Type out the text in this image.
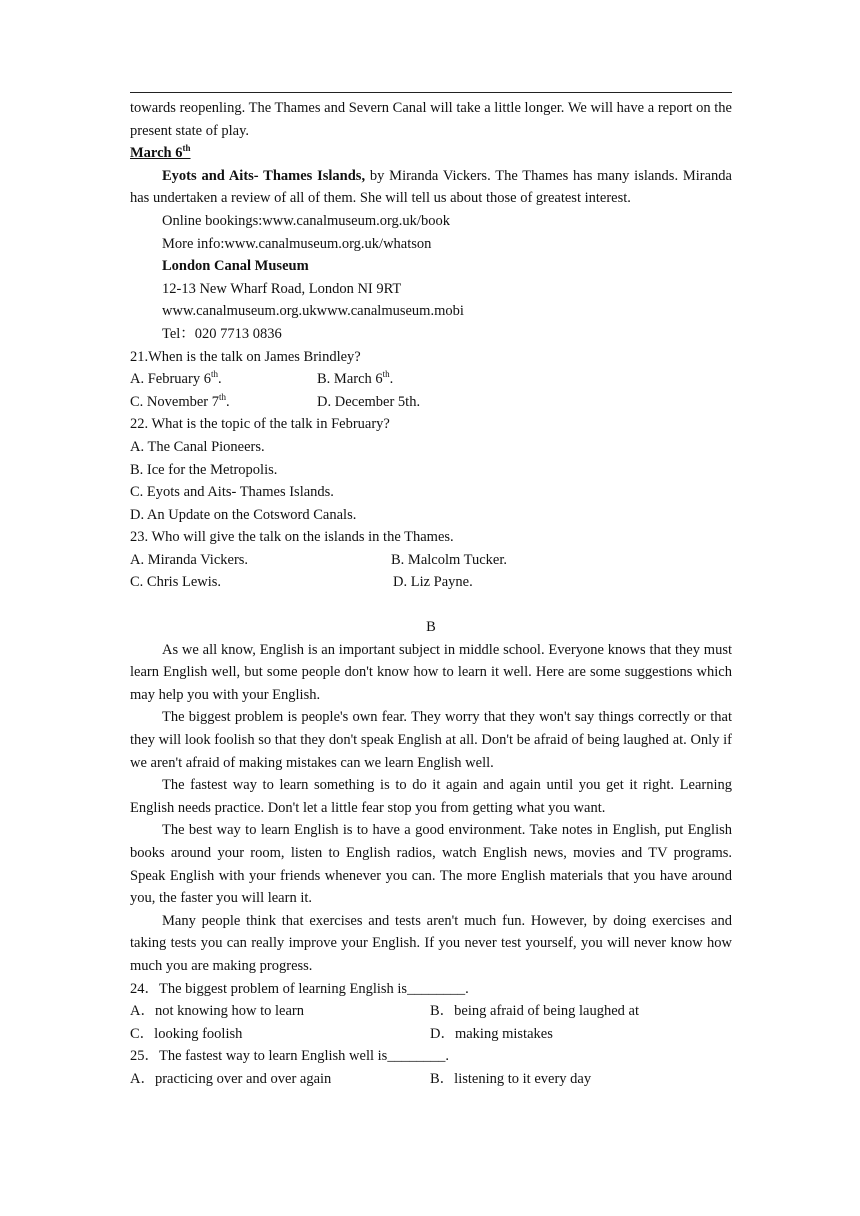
towards reopenling. The Thames and Severn Canal will take a little longer. We will have a report on the present state of play.

March 6th

Eyots and Aits- Thames Islands, by Miranda Vickers. The Thames has many islands. Miranda has undertaken a review of all of them. She will tell us about those of greatest interest.

Online bookings:www.canalmuseum.org.uk/book
More info:www.canalmuseum.org.uk/whatson
London Canal Museum
12-13 New Wharf Road, London NI 9RT
www.canalmuseum.org.ukwww.canalmuseum.mobi
Tel：020 7713 0836
21.When is the talk on James Brindley?
A. February 6th.	B. March 6th.
C. November 7th.	D. December 5th.
22. What is the topic of the talk in February?
A. The Canal Pioneers.
B. Ice for the Metropolis.
C. Eyots and Aits- Thames Islands.
D. An Update on the Cotsword Canals.
23. Who will give the talk on the islands in the Thames.
A. Miranda Vickers.	B. Malcolm Tucker.
C. Chris Lewis.	D. Liz Payne.
B

As we all know, English is an important subject in middle school. Everyone knows that they must learn English well, but some people don't know how to learn it well. Here are some suggestions which may help you with your English.

The biggest problem is people's own fear. They worry that they won't say things correctly or that they will look foolish so that they don't speak English at all. Don't be afraid of being laughed at. Only if we aren't afraid of making mistakes can we learn English well.

The fastest way to learn something is to do it again and again until you get it right. Learning English needs practice. Don't let a little fear stop you from getting what you want.

The best way to learn English is to have a good environment. Take notes in English, put English books around your room, listen to English radios, watch English news, movies and TV programs. Speak English with your friends whenever you can. The more English materials that you have around you, the faster you will learn it.

Many people think that exercises and tests aren't much fun. However, by doing exercises and taking tests you can really improve your English. If you never test yourself, you will never know how much you are making progress.

24．The biggest problem of learning English is________.
A．not knowing how to learn	B．being afraid of being laughed at
C．looking foolish	D．making mistakes
25．The fastest way to learn English well is________.
A．practicing over and over again	B．listening to it every day
